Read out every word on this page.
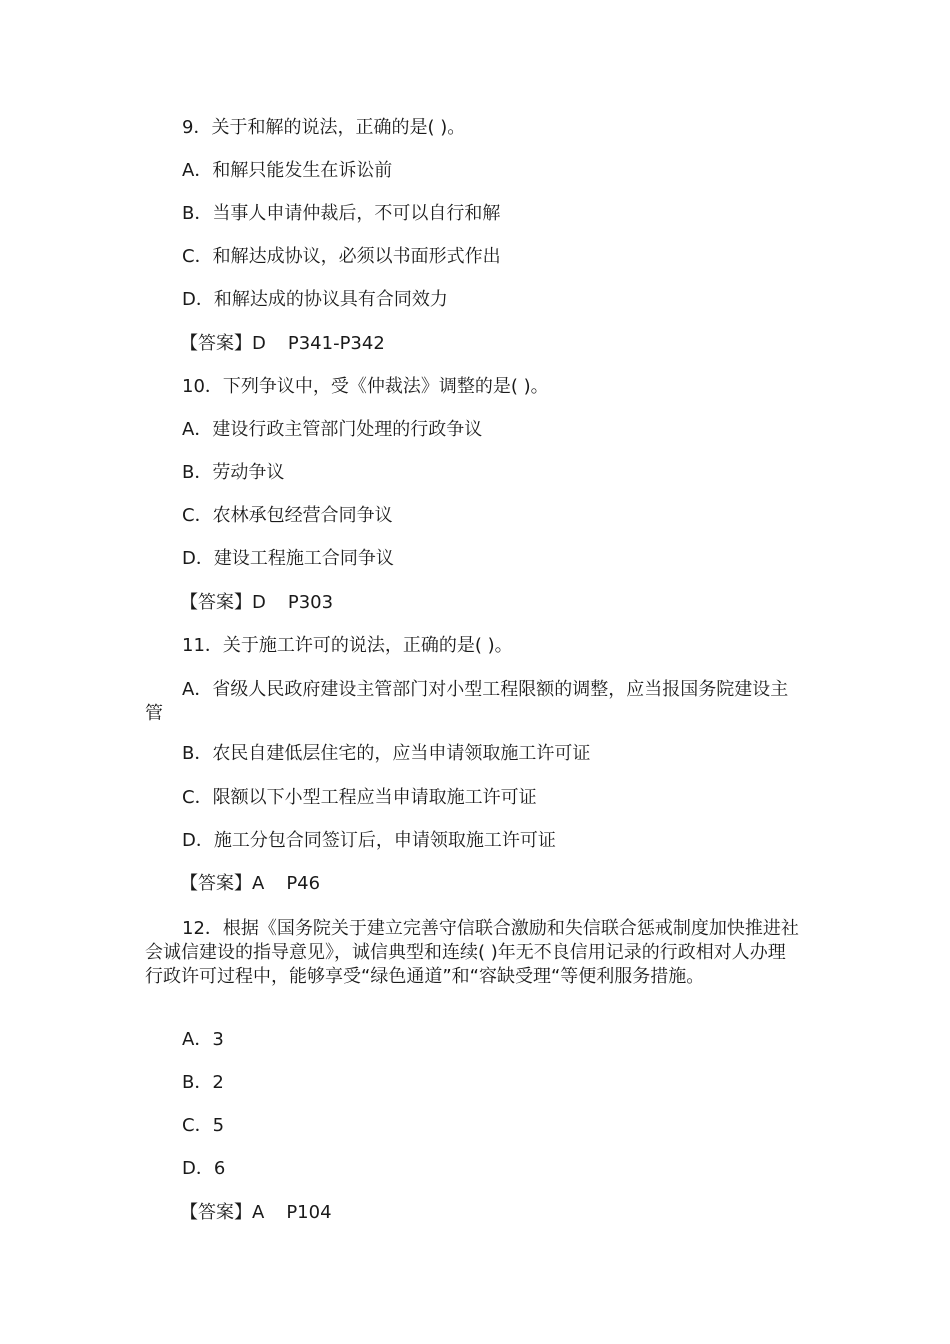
9．关于和解的说法，正确的是( )。
A．和解只能发生在诉讼前
B．当事人申请仲裁后，不可以自行和解
C．和解达成协议，必须以书面形式作出
D．和解达成的协议具有合同效力
【答案】D P341-P342
10．下列争议中，受《仲裁法》调整的是( )。
A．建设行政主管部门处理的行政争议
B．劳动争议
C．农林承包经营合同争议
D．建设工程施工合同争议
【答案】D P303
11．关于施工许可的说法，正确的是( )。
A．省级人民政府建设主管部门对小型工程限额的调整，应当报国务院建设主管
B．农民自建低层住宅的，应当申请领取施工许可证
C．限额以下小型工程应当申请取施工许可证
D．施工分包合同签订后，申请领取施工许可证
【答案】A P46
12．根据《国务院关于建立完善守信联合激励和失信联合惩戒制度加快推进社会诚信建设的指导意见》，诚信典型和连续( )年无不良信用记录的行政相对人办理行政许可过程中，能够享受“绿色通道”和“容缺受理“等便利服务措施。
A．3
B．2
C．5
D．6
【答案】A P104
